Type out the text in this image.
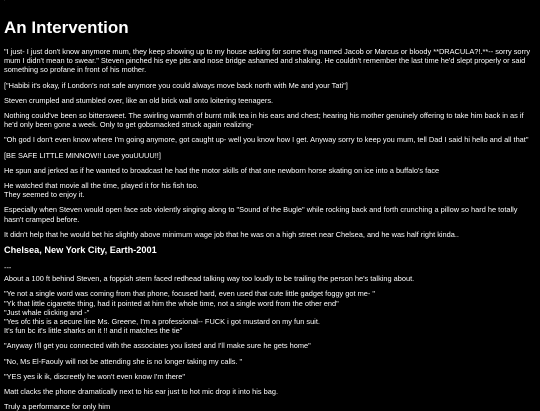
'
An Intervention

"I just- I just don't know anymore mum, they keep showing up to my house asking for some thug named Jacob or Marcus or bloody **DRACULA?!.**-- sorry sorry mum I didn't mean to swear." Steven pinched his eye pits and nose bridge ashamed and shaking. He couldn't remember the last time he'd slept properly or said something so profane in front of his mother.

["Habibi it's okay, if London's not safe anymore you could always move back north with Me and your Tati"]

Steven crumpled and stumbled over, like an old brick wall onto loitering teenagers.

Nothing could've been so bittersweet. The swirling warmth of burnt milk tea in his ears and chest; hearing his mother genuinely offering to take him back in as if he'd only been gone a week. Only to get gobsmacked struck again realizing-

"Oh god I don't even know where I'm going anymore, got caught up- well you know how I get. Anyway sorry to keep you mum, tell Dad I said hi hello and all that"

[BE SAFE LITTLE MINNOW!! Love youUUUU!!]

He spun and jerked as if he wanted to broadcast he had the motor skills of that one newborn horse skating on ice into a buffalo's face

He watched that movie all the time, played it for his fish too.
They seemed to enjoy it.

Especially when Steven would open face sob violently singing along to "Sound of the Bugle" while rocking back and forth crunching a pillow so hard he totally hasn't cramped before.

It didn't help that he would bet his slightly above minimum wage job that he was on a high street near Chelsea, and he was half right kinda..

Chelsea, New York City, Earth-2001

---

About a 100 ft behind Steven, a foppish stern faced redhead talking way too loudly to be trailing the person he's talking about.

"Ye not a single word was coming from that phone, focused hard, even used that cute little gadget foggy got me- "
"Yk that little cigarette thing, had it pointed at him the whole time, not a single word from the other end"
"Just whale clicking and -"
"Yes ofc this is a secure line Ms. Greene, I'm a professional-- FUCK i got mustard on my fun suit.
It's fun bc it's little sharks on it !! and it matches the tie"

"Anyway I'll get you connected with the associates you listed and I'll make sure he gets home"

"No, Ms El-Faouly will not be attending she is no longer taking my calls. "

"YES yes ik ik, discreetly he won't even know I'm there"

Matt clacks the phone dramatically next to his ear just to hot mic drop it into his bag.

Truly a performance for only him
